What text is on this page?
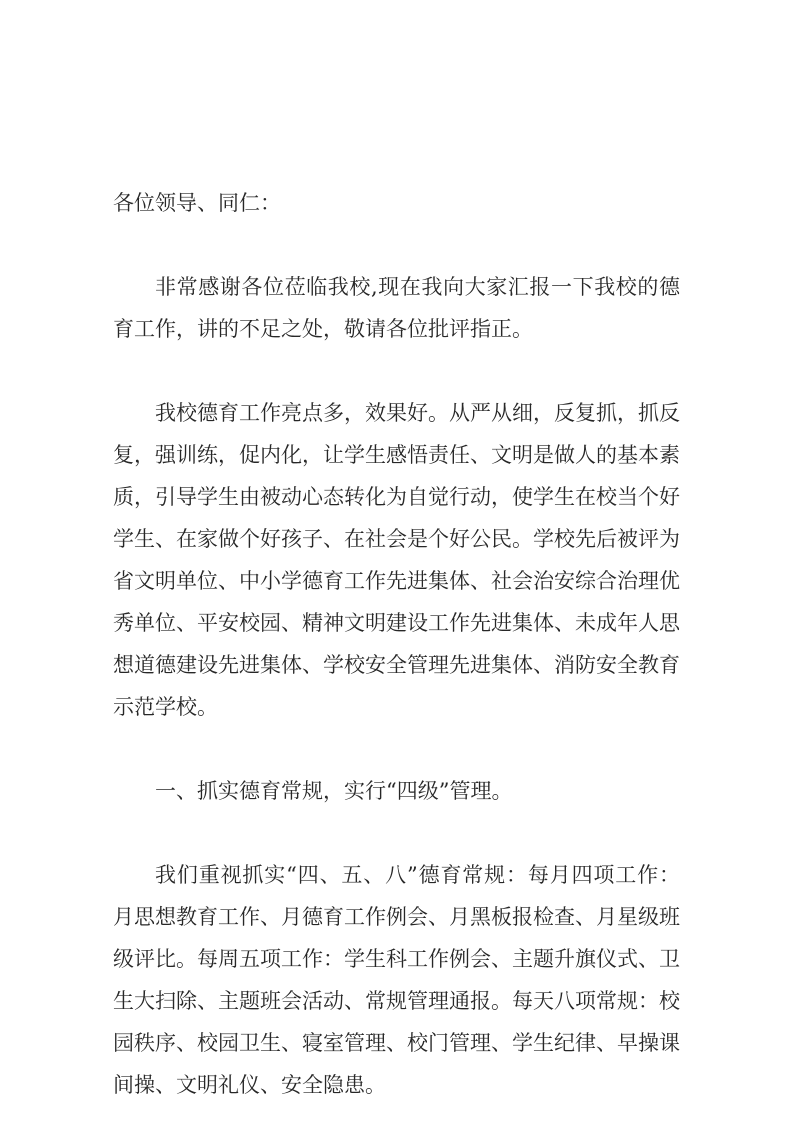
各位领导、同仁：

非常感谢各位莅临我校,现在我向大家汇报一下我校的德育工作，讲的不足之处，敬请各位批评指正。

我校德育工作亮点多，效果好。从严从细，反复抓，抓反复，强训练，促内化，让学生感悟责任、文明是做人的基本素质，引导学生由被动心态转化为自觉行动，使学生在校当个好学生、在家做个好孩子、在社会是个好公民。学校先后被评为省文明单位、中小学德育工作先进集体、社会治安综合治理优秀单位、平安校园、精神文明建设工作先进集体、未成年人思想道德建设先进集体、学校安全管理先进集体、消防安全教育示范学校。

一、抓实德育常规，实行“四级”管理。

我们重视抓实“四、五、八”德育常规：每月四项工作：月思想教育工作、月德育工作例会、月黑板报检查、月星级班级评比。每周五项工作：学生科工作例会、主题升旗仪式、卫生大扫除、主题班会活动、常规管理通报。每天八项常规：校园秩序、校园卫生、寝室管理、校门管理、学生纪律、早操课间操、文明礼仪、安全隐患。
